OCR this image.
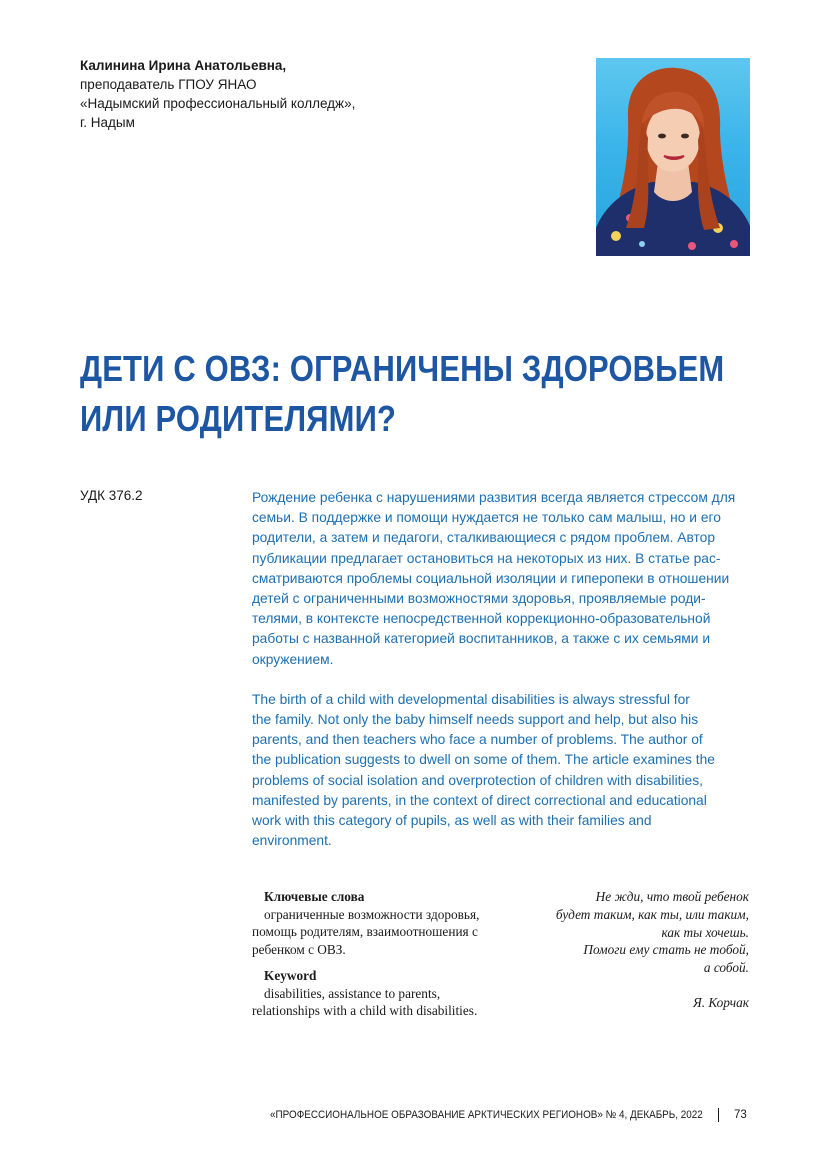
Калинина Ирина Анатольевна,
преподаватель ГПОУ ЯНАО
«Надымский профессиональный колледж»,
г. Надым
ДЕТИ С ОВЗ: ОГРАНИЧЕНЫ ЗДОРОВЬЕМ
ИЛИ РОДИТЕЛЯМИ?
УДК 376.2	Рождение ребенка с нарушениями развития всегда является стрессом для
семьи. В поддержке и помощи нуждается не только сам малыш, но и его
родители, а затем и педагоги, сталкивающиеся с рядом проблем. Автор
публикации предлагает остановиться на некоторых из них. В статье рас-
сматриваются проблемы социальной изоляции и гиперопеки в отношении
детей с ограниченными возможностями здоровья, проявляемые роди-
телями, в контексте непосредственной коррекционно-образовательной
работы с названной категорией воспитанников, а также с их семьями и
окружением.
The birth of a child with developmental disabilities is always stressful for
the family. Not only the baby himself needs support and help, but also his
parents, and then teachers who face a number of problems. The author of
the publication suggests to dwell on some of them. The article examines the
problems of social isolation and overprotection of children with disabilities,
manifested by parents, in the context of direct correctional and educational
work with this category of pupils, as well as with their families and
environment.
Ключевые слова
ограниченные возможности здоровья,
помощь родителям, взаимоотношения с
ребенком с ОВЗ.
Keyword
disabilities, assistance to parents,
relationships with a child with disabilities.
Не жди, что твой ребенок
будет таким, как ты, или таким,
как ты хочешь.
Помоги ему стать не тобой,
а собой.
Я. Корчак
«ПРОФЕССИОНАЛЬНОЕ ОБРАЗОВАНИЕ АРКТИЧЕСКИХ РЕГИОНОВ» № 4, ДЕКАБРЬ, 2022	73
